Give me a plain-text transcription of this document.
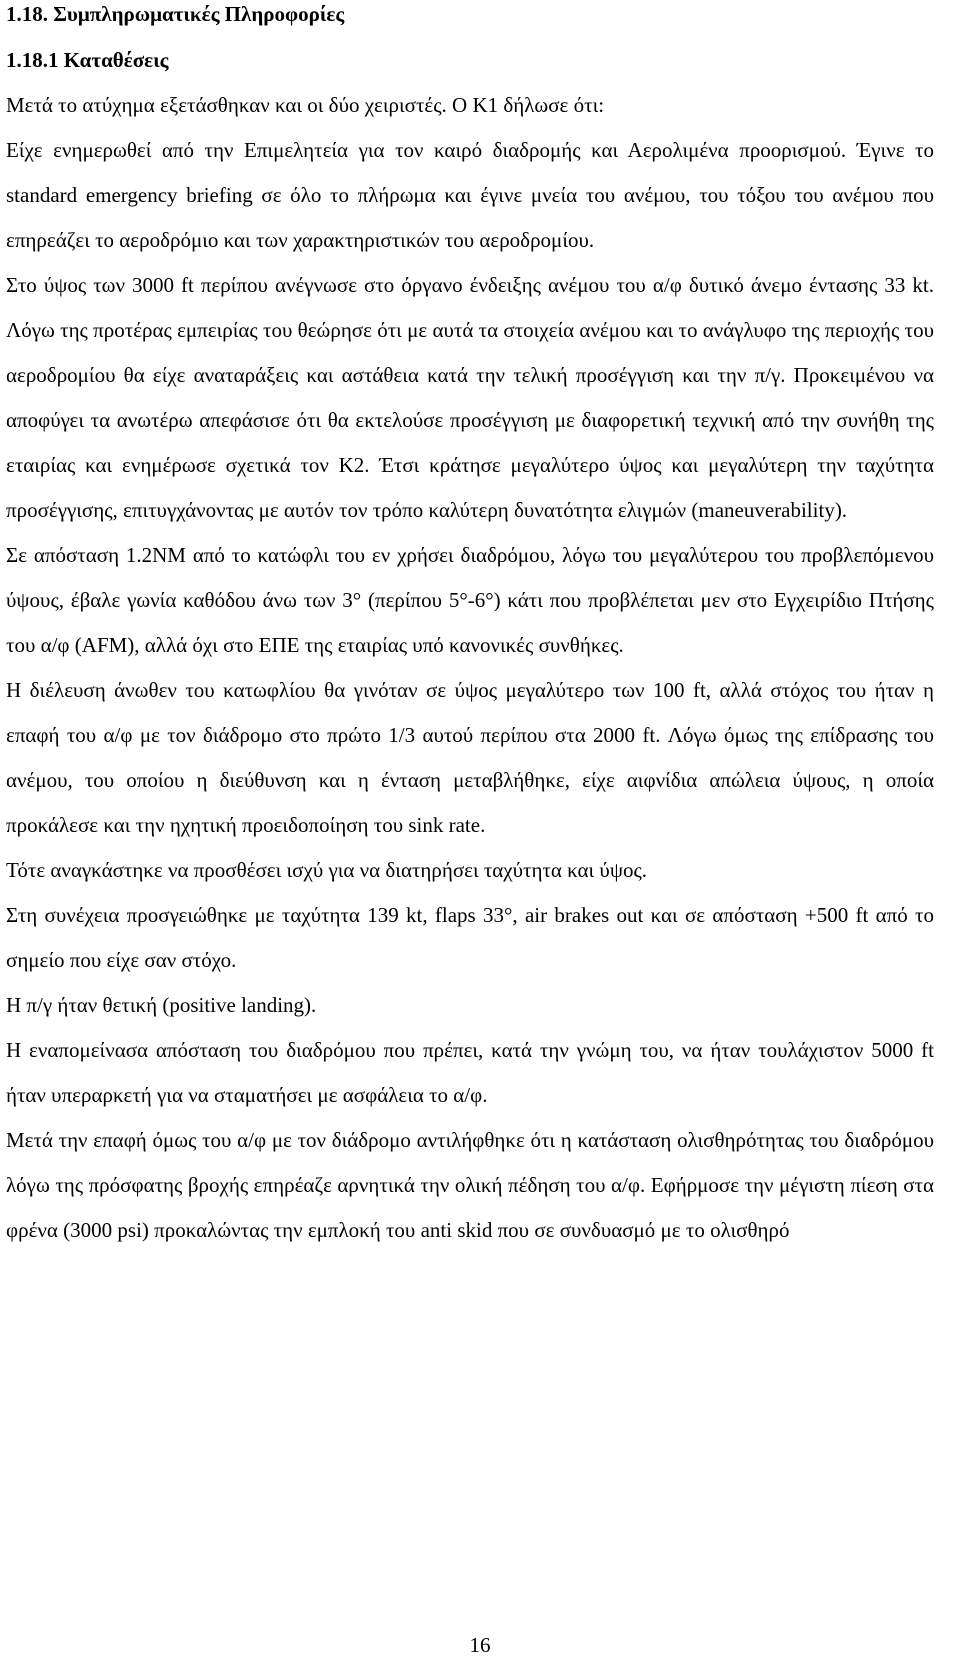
1.18. Συμπληρωματικές Πληροφορίες
1.18.1 Καταθέσεις

Μετά το ατύχημα εξετάσθηκαν και οι δύο χειριστές. Ο Κ1 δήλωσε ότι:

Είχε ενημερωθεί από την Επιμελητεία για τον καιρό διαδρομής και Αερολιμένα προορισμού. Έγινε το standard emergency briefing σε όλο το πλήρωμα και έγινε μνεία του ανέμου, του τόξου του ανέμου που επηρεάζει το αεροδρόμιο και των χαρακτηριστικών του αεροδρομίου.

Στο ύψος των 3000 ft περίπου ανέγνωσε στο όργανο ένδειξης ανέμου του α/φ δυτικό άνεμο έντασης 33 kt. Λόγω της προτέρας εμπειρίας του θεώρησε ότι με αυτά τα στοιχεία ανέμου και το ανάγλυφο της περιοχής του αεροδρομίου θα είχε αναταράξεις και αστάθεια κατά την τελική προσέγγιση και την π/γ. Προκειμένου να αποφύγει τα ανωτέρω απεφάσισε ότι θα εκτελούσε προσέγγιση με διαφορετική τεχνική από την συνήθη της εταιρίας και ενημέρωσε σχετικά τον Κ2. Έτσι κράτησε μεγαλύτερο ύψος και μεγαλύτερη την ταχύτητα προσέγγισης, επιτυγχάνοντας με αυτόν τον τρόπο καλύτερη δυνατότητα ελιγμών (maneuverability).

Σε απόσταση 1.2NM από το κατώφλι του εν χρήσει διαδρόμου, λόγω του μεγαλύτερου του προβλεπόμενου ύψους, έβαλε γωνία καθόδου άνω των 3° (περίπου 5°-6°) κάτι που προβλέπεται μεν στο Εγχειρίδιο Πτήσης του α/φ (AFM), αλλά όχι στο ΕΠΕ της εταιρίας υπό κανονικές συνθήκες.

Η διέλευση άνωθεν του κατωφλίου θα γινόταν σε ύψος μεγαλύτερο των 100 ft, αλλά στόχος του ήταν η επαφή του α/φ με τον διάδρομο στο πρώτο 1/3 αυτού περίπου στα 2000 ft. Λόγω όμως της επίδρασης του ανέμου, του οποίου η διεύθυνση και η ένταση μεταβλήθηκε, είχε αιφνίδια απώλεια ύψους, η οποία προκάλεσε και την ηχητική προειδοποίηση του sink rate.

Τότε αναγκάστηκε να προσθέσει ισχύ για να διατηρήσει ταχύτητα και ύψος.

Στη συνέχεια προσγειώθηκε με ταχύτητα 139 kt, flaps 33°, air brakes out και σε απόσταση +500 ft από το σημείο που είχε σαν στόχο.

Η π/γ ήταν θετική (positive landing).

Η εναπομείνασα απόσταση του διαδρόμου που πρέπει, κατά την γνώμη του, να ήταν τουλάχιστον 5000 ft ήταν υπεραρκετή για να σταματήσει με ασφάλεια το α/φ.

Μετά την επαφή όμως του α/φ με τον διάδρομο αντιλήφθηκε ότι η κατάσταση ολισθηρότητας του διαδρόμου λόγω της πρόσφατης βροχής επηρέαζε αρνητικά την ολική πέδηση του α/φ. Εφήρμοσε την μέγιστη πίεση στα φρένα (3000 psi) προκαλώντας την εμπλοκή του anti skid που σε συνδυασμό με το ολισθηρό

16
